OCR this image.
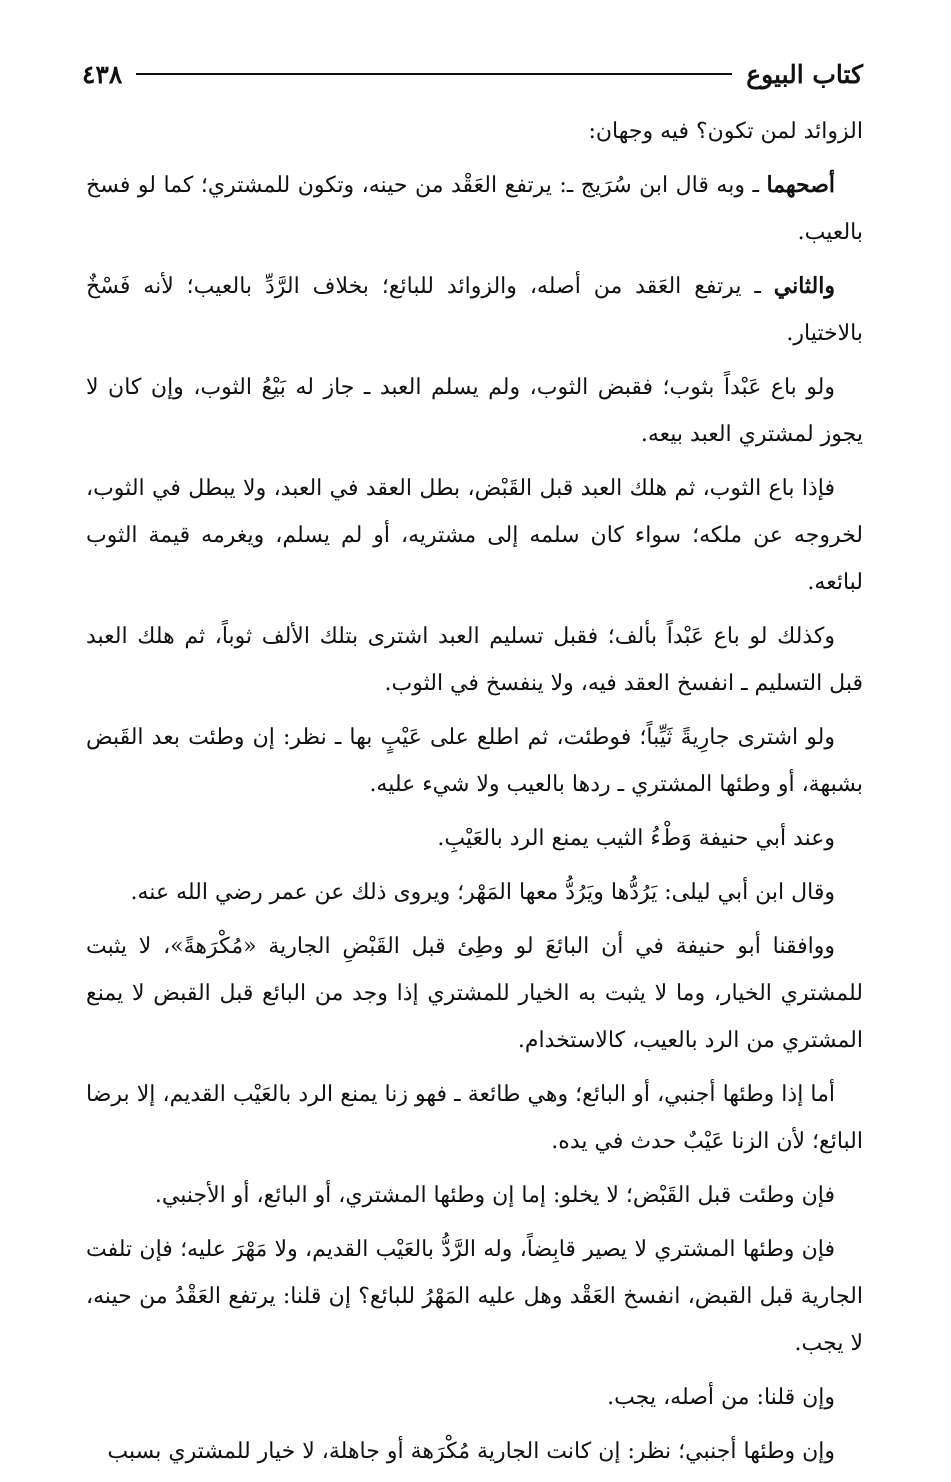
كتاب البيوع
٤٣٨

الزوائد لمن تكون؟ فيه وجهان:

أصحهما ـ وبه قال ابن سُرَيج ـ: يرتفع العَقْد من حينه، وتكون للمشتري؛ كما لو فسخ بالعيب.

والثاني ـ يرتفع العَقد من أصله، والزوائد للبائع؛ بخلاف الرَّدِّ بالعيب؛ لأنه فَسْخٌ بالاختيار.

ولو باع عَبْداً بثوب؛ فقبض الثوب، ولم يسلم العبد ـ جاز له بَيْعُ الثوب، وإن كان لا يجوز لمشتري العبد بيعه.

فإذا باع الثوب، ثم هلك العبد قبل القَبْض، بطل العقد في العبد، ولا يبطل في الثوب، لخروجه عن ملكه؛ سواء كان سلمه إلى مشتريه، أو لم يسلم، ويغرمه قيمة الثوب لبائعه.

وكذلك لو باع عَبْداً بألف؛ فقبل تسليم العبد اشترى بتلك الألف ثوباً، ثم هلك العبد قبل التسليم ـ انفسخ العقد فيه، ولا ينفسخ في الثوب.

ولو اشترى جارِيةً ثَيِّباً؛ فوطئت، ثم اطلع على عَيْبٍ بها ـ نظر: إن وطئت بعد القَبض بشبهة، أو وطئها المشتري ـ ردها بالعيب ولا شيء عليه.

وعند أبي حنيفة وَطْءُ الثيب يمنع الرد بالعَيْبِ.

وقال ابن أبي ليلى: يَرُدُّها ويَرُدُّ معها المَهْر؛ ويروى ذلك عن عمر رضي الله عنه.

ووافقنا أبو حنيفة في أن البائعَ لو وطِئ قبل القَبْضِ الجارية «مُكْرَهةً»، لا يثبت للمشتري الخيار، وما لا يثبت به الخيار للمشتري إذا وجد من البائع قبل القبض لا يمنع المشتري من الرد بالعيب، كالاستخدام.

أما إذا وطئها أجنبي، أو البائع؛ وهي طائعة ـ فهو زنا يمنع الرد بالعَيْب القديم، إلا برضا البائع؛ لأن الزنا عَيْبٌ حدث في يده.

فإن وطئت قبل القَبْض؛ لا يخلو: إما إن وطئها المشتري، أو البائع، أو الأجنبي.

فإن وطئها المشتري لا يصير قابِضاً، وله الرَّدُّ بالعَيْب القديم، ولا مَهْرَ عليه؛ فإن تلفت الجارية قبل القبض، انفسخ العَقْد وهل عليه المَهْرُ للبائع؟ إن قلنا: يرتفع العَقْدُ من حينه، لا يجب.

وإن قلنا: من أصله، يجب.

وإن وطئها أجنبي؛ نظر: إن كانت الجارية مُكْرَهة أو جاهلة، لا خيار للمشتري بسبب
